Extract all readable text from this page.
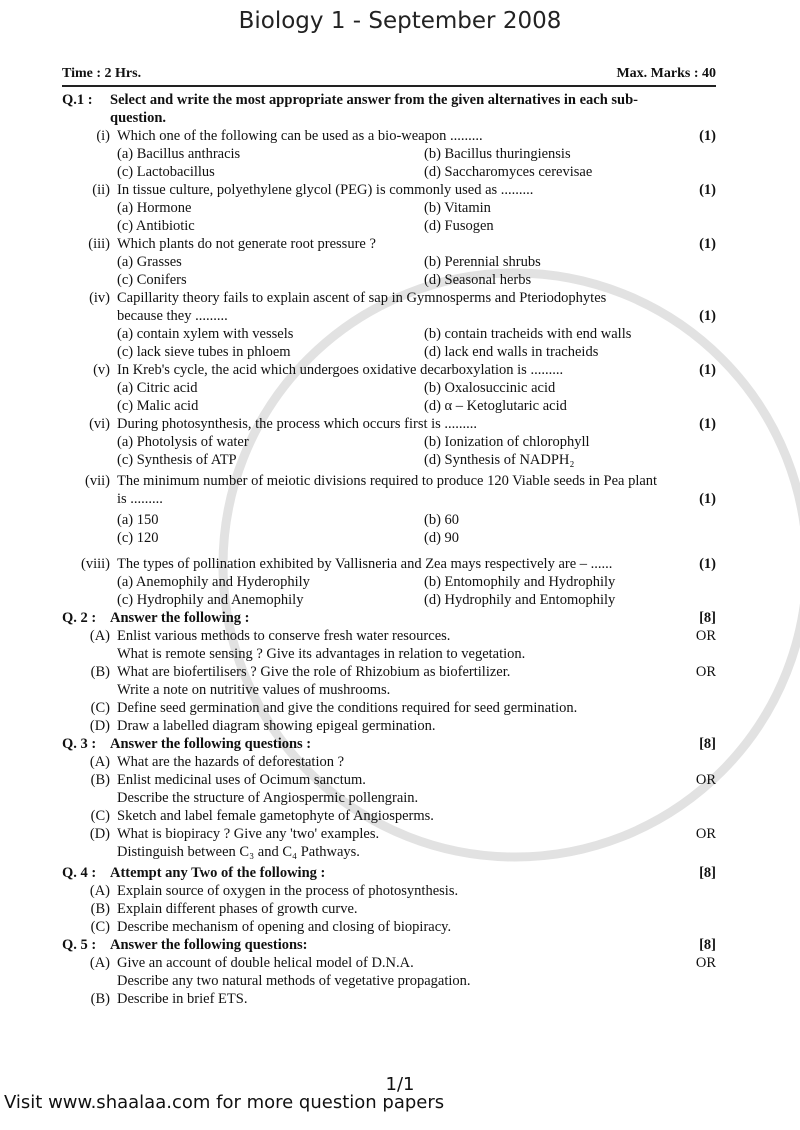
Biology 1 - September 2008
Time : 2 Hrs.	Max. Marks : 40
Q.1 : Select and write the most appropriate answer from the given alternatives in each sub-
question.
(i) Which one of the following can be used as a bio-weapon .........	(1)
(a) Bacillus anthracis	(b) Bacillus thuringiensis
(c) Lactobacillus	(d) Saccharomyces cerevisae
(ii) In tissue culture, polyethylene glycol (PEG) is commonly used as .........	(1)
(a) Hormone	(b) Vitamin
(c) Antibiotic	(d) Fusogen
(iii) Which plants do not generate root pressure ?	(1)
(a) Grasses	(b) Perennial shrubs
(c) Conifers	(d) Seasonal herbs
(iv) Capillarity theory fails to explain ascent of sap in Gymnosperms and Pteriodophytes
because they .........	(1)
(a) contain xylem with vessels	(b) contain tracheids with end walls
(c) lack sieve tubes in phloem	(d) lack end walls in tracheids
(v) In Kreb's cycle, the acid which undergoes oxidative decarboxylation is .........	(1)
(a) Citric acid	(b) Oxalosuccinic acid
(c) Malic acid	(d) α – Ketoglutaric acid
(vi) During photosynthesis, the process which occurs first is .........	(1)
(a) Photolysis of water	(b) Ionization of chlorophyll
(c) Synthesis of ATP	(d) Synthesis of NADPH₂
(vii) The minimum number of meiotic divisions required to produce 120 Viable seeds in Pea plant
is .........	(1)
(a) 150	(b) 60
(c) 120	(d) 90
(viii) The types of pollination exhibited by Vallisneria and Zea mays respectively are – ......	(1)
(a) Anemophily and Hyderophily	(b) Entomophily and Hydrophily
(c) Hydrophily and Anemophily	(d) Hydrophily and Entomophily
Q. 2 : Answer the following :	[8]
(A) Enlist various methods to conserve fresh water resources.	OR
What is remote sensing ? Give its advantages in relation to vegetation.
(B) What are biofertilisers ? Give the role of Rhizobium as biofertilizer.	OR
Write a note on nutritive values of mushrooms.
(C) Define seed germination and give the conditions required for seed germination.
(D) Draw a labelled diagram showing epigeal germination.
Q. 3 : Answer the following questions :	[8]
(A) What are the hazards of deforestation ?
(B) Enlist medicinal uses of Ocimum sanctum.	OR
Describe the structure of Angiospermic pollengrain.
(C) Sketch and label female gametophyte of Angiosperms.
(D) What is biopiracy ? Give any 'two' examples.	OR
Distinguish between C₃ and C₄ Pathways.
Q. 4 : Attempt any Two of the following :	[8]
(A) Explain source of oxygen in the process of photosynthesis.
(B) Explain different phases of growth curve.
(C) Describe mechanism of opening and closing of biopiracy.
Q. 5 : Answer the following questions:	[8]
(A) Give an account of double helical model of D.N.A.	OR
Describe any two natural methods of vegetative propagation.
(B) Describe in brief ETS.
1/1
Visit www.shaalaa.com for more question papers
